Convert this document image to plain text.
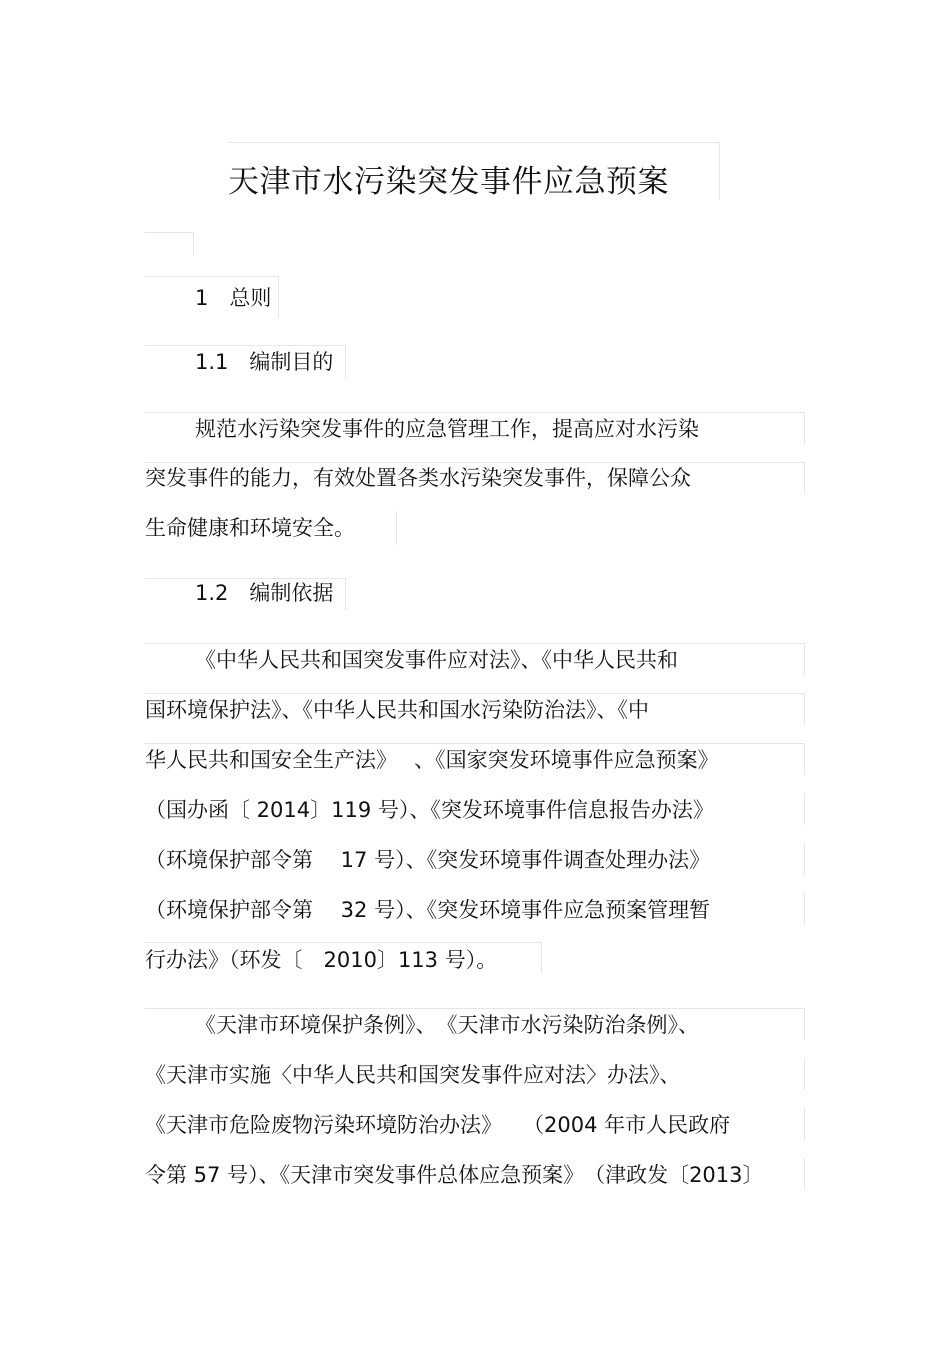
天津市水污染突发事件应急预案
1　总则
1.1　编制目的
规范水污染突发事件的应急管理工作，提高应对水污染
突发事件的能力，有效处置各类水污染突发事件，保障公众
生命健康和环境安全。
1.2　编制依据
《中华人民共和国突发事件应对法》、《中华人民共和
国环境保护法》、《中华人民共和国水污染防治法》、《中
华人民共和国安全生产法》　 、《国家突发环境事件应急预案》
（国办函〔 2014〕119 号）、《突发环境事件信息报告办法》
（环境保护部令第　 17 号）、《突发环境事件调查处理办法》
（环境保护部令第　 32 号）、《突发环境事件应急预案管理暂
行办法》（环发〔　2010〕113 号）。
《天津市环境保护条例》、　《天津市水污染防治条例》、
《天津市实施〈中华人民共和国突发事件应对法〉办法》、
《天津市危险废物污染环境防治办法》　　（2004 年市人民政府
令第 57 号）、《天津市突发事件总体应急预案》　（津政发〔2013〕
